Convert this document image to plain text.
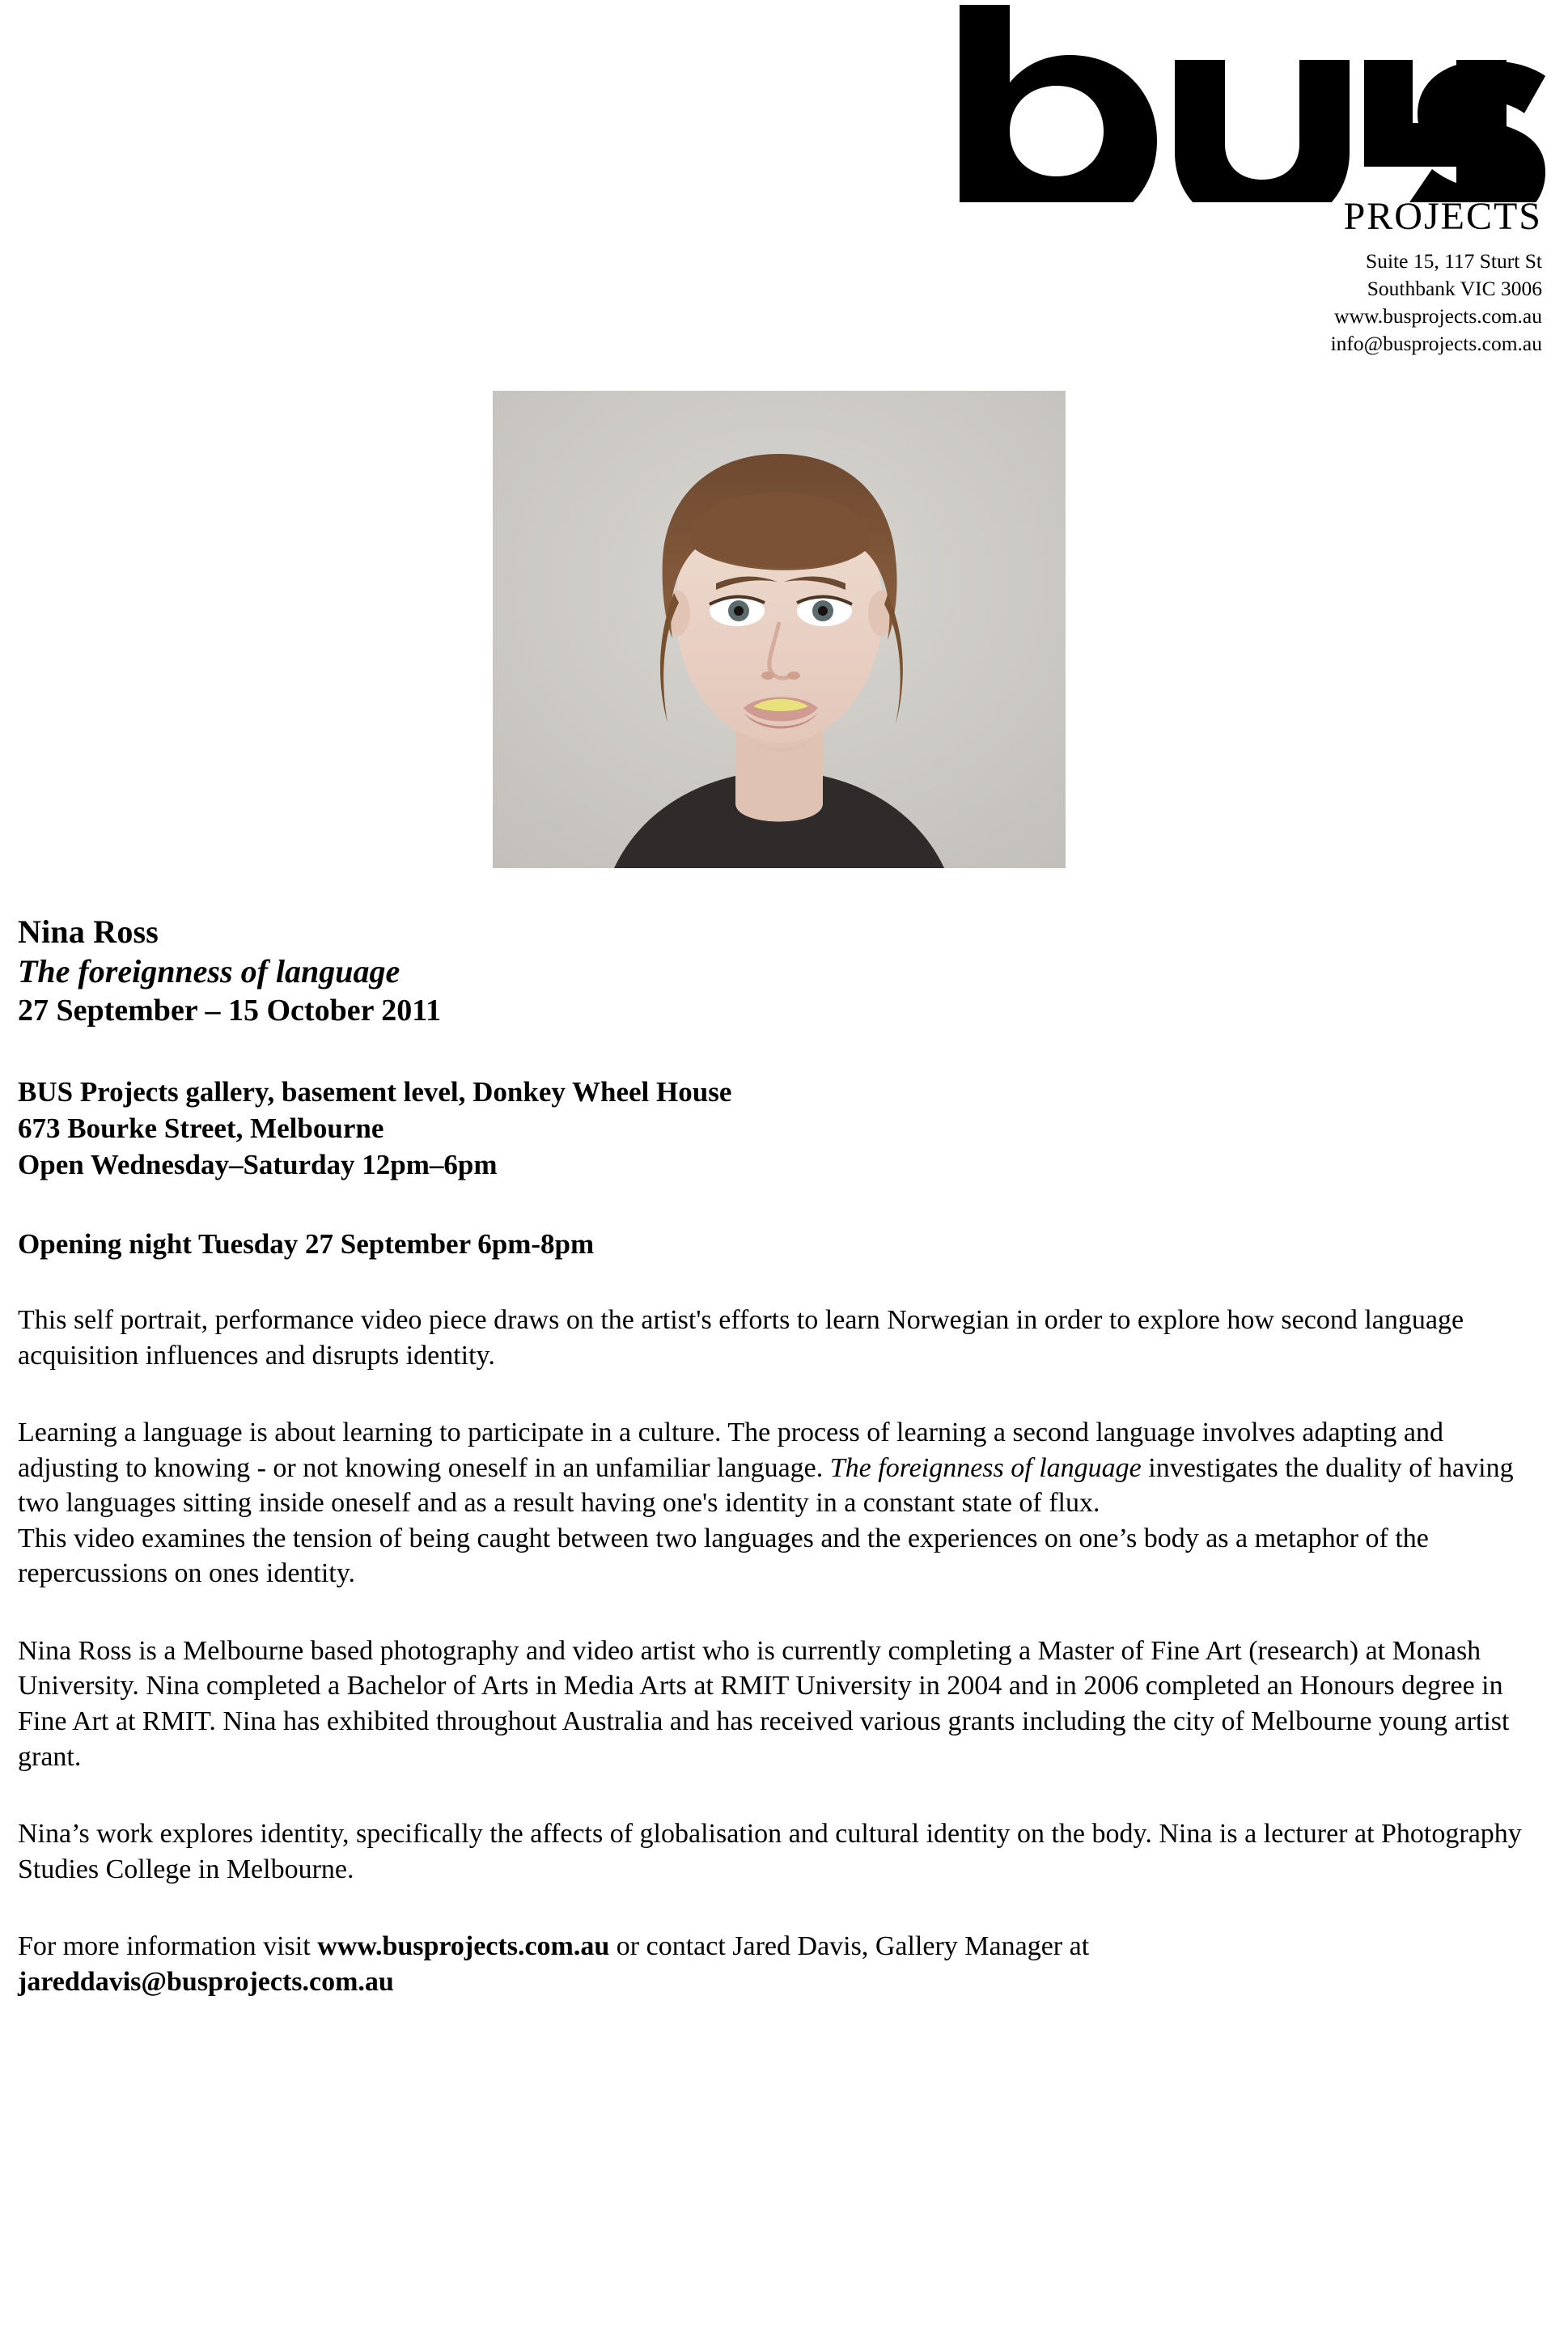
PROJECTS
Suite 15, 117 Sturt St
Southbank VIC 3006
www.busprojects.com.au
info@busprojects.com.au
Nina Ross
The foreignness of language
27 September – 15 October 2011
BUS Projects gallery, basement level, Donkey Wheel House
673 Bourke Street, Melbourne
Open Wednesday–Saturday 12pm–6pm
Opening night Tuesday 27 September 6pm-8pm
This self portrait, performance video piece draws on the artist's efforts to learn Norwegian in order to explore how second language acquisition influences and disrupts identity.
Learning a language is about learning to participate in a culture. The process of learning a second language involves adapting and adjusting to knowing - or not knowing oneself in an unfamiliar language. The foreignness of language investigates the duality of having two languages sitting inside oneself and as a result having one's identity in a constant state of flux.
This video examines the tension of being caught between two languages and the experiences on one’s body as a metaphor of the repercussions on ones identity.
Nina Ross is a Melbourne based photography and video artist who is currently completing a Master of Fine Art (research) at Monash University. Nina completed a Bachelor of Arts in Media Arts at RMIT University in 2004 and in 2006 completed an Honours degree in Fine Art at RMIT. Nina has exhibited throughout Australia and has received various grants including the city of Melbourne young artist grant.
Nina’s work explores identity, specifically the affects of globalisation and cultural identity on the body. Nina is a lecturer at Photography Studies College in Melbourne.
For more information visit www.busprojects.com.au or contact Jared Davis, Gallery Manager at
jareddavis@busprojects.com.au
